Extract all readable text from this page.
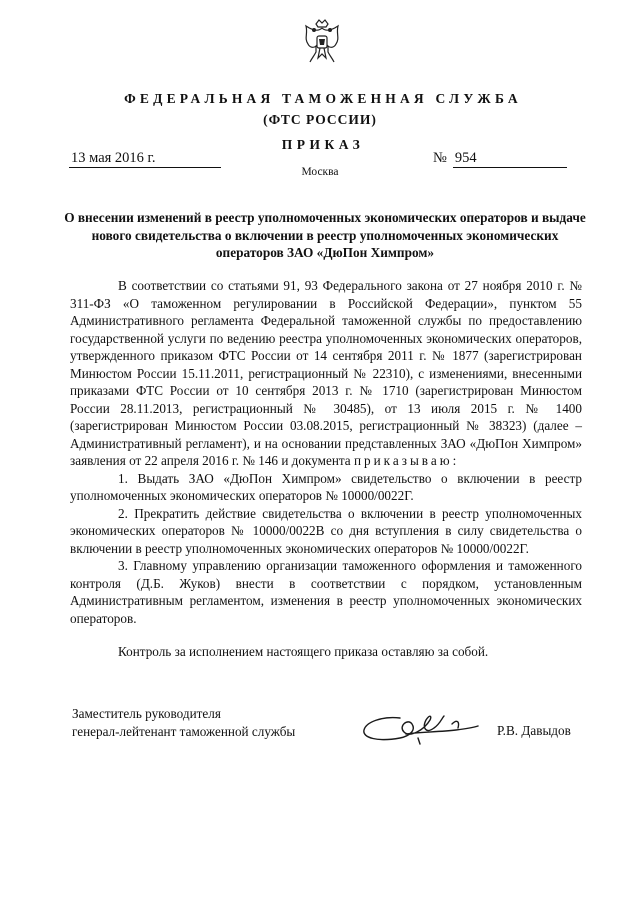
ФЕДЕРАЛЬНАЯ ТАМОЖЕННАЯ СЛУЖБА
(ФТС РОССИИ)
ПРИКАЗ
13 мая 2016 г.	№ 954
Москва
О внесении изменений в реестр уполномоченных экономических операторов и выдаче нового свидетельства о включении в реестр уполномоченных экономических операторов ЗАО «ДюПон Химпром»

В соответствии со статьями 91, 93 Федерального закона от 27 ноября 2010 г. № 311-ФЗ «О таможенном регулировании в Российской Федерации», пунктом 55 Административного регламента Федеральной таможенной службы по предоставлению государственной услуги по ведению реестра уполномоченных экономических операторов, утвержденного приказом ФТС России от 14 сентября 2011 г. № 1877 (зарегистрирован Минюстом России 15.11.2011, регистрационный № 22310), с изменениями, внесенными приказами ФТС России от 10 сентября 2013 г. № 1710 (зарегистрирован Минюстом России 28.11.2013, регистрационный № 30485), от 13 июля 2015 г. № 1400 (зарегистрирован Минюстом России 03.08.2015, регистрационный № 38323) (далее – Административный регламент), и на основании представленных ЗАО «ДюПон Химпром» заявления от 22 апреля 2016 г. № 146 и документа приказываю:

1. Выдать ЗАО «ДюПон Химпром» свидетельство о включении в реестр уполномоченных экономических операторов № 10000/0022Г.

2. Прекратить действие свидетельства о включении в реестр уполномоченных экономических операторов № 10000/0022В со дня вступления в силу свидетельства о включении в реестр уполномоченных экономических операторов № 10000/0022Г.

3. Главному управлению организации таможенного оформления и таможенного контроля (Д.Б. Жуков) внести в соответствии с порядком, установленным Административным регламентом, изменения в реестр уполномоченных экономических операторов.

Контроль за исполнением настоящего приказа оставляю за собой.

Заместитель руководителя
генерал-лейтенант таможенной службы	Р.В. Давыдов
